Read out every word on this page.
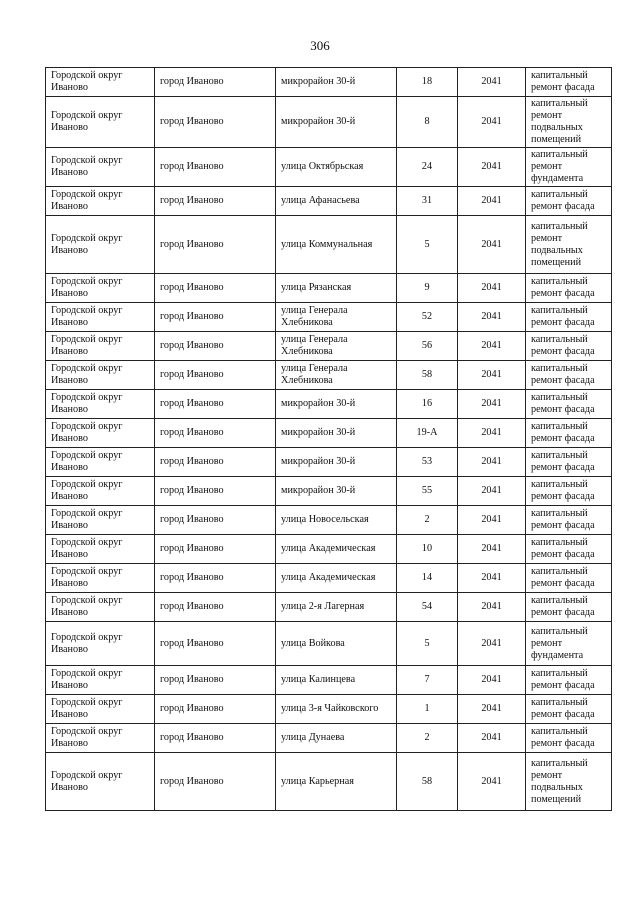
306
Городской округ Иваново	город Иваново	микрорайон 30-й	18	2041	капитальный ремонт фасада
Городской округ Иваново	город Иваново	микрорайон 30-й	8	2041	капитальный ремонт подвальных помещений
Городской округ Иваново	город Иваново	улица Октябрьская	24	2041	капитальный ремонт фундамента
Городской округ Иваново	город Иваново	улица Афанасьева	31	2041	капитальный ремонт фасада
Городской округ Иваново	город Иваново	улица Коммунальная	5	2041	капитальный ремонт подвальных помещений
Городской округ Иваново	город Иваново	улица Рязанская	9	2041	капитальный ремонт фасада
Городской округ Иваново	город Иваново	улица Генерала Хлебникова	52	2041	капитальный ремонт фасада
Городской округ Иваново	город Иваново	улица Генерала Хлебникова	56	2041	капитальный ремонт фасада
Городской округ Иваново	город Иваново	улица Генерала Хлебникова	58	2041	капитальный ремонт фасада
Городской округ Иваново	город Иваново	микрорайон 30-й	16	2041	капитальный ремонт фасада
Городской округ Иваново	город Иваново	микрорайон 30-й	19-А	2041	капитальный ремонт фасада
Городской округ Иваново	город Иваново	микрорайон 30-й	53	2041	капитальный ремонт фасада
Городской округ Иваново	город Иваново	микрорайон 30-й	55	2041	капитальный ремонт фасада
Городской округ Иваново	город Иваново	улица Новосельская	2	2041	капитальный ремонт фасада
Городской округ Иваново	город Иваново	улица Академическая	10	2041	капитальный ремонт фасада
Городской округ Иваново	город Иваново	улица Академическая	14	2041	капитальный ремонт фасада
Городской округ Иваново	город Иваново	улица 2-я Лагерная	54	2041	капитальный ремонт фасада
Городской округ Иваново	город Иваново	улица Войкова	5	2041	капитальный ремонт фундамента
Городской округ Иваново	город Иваново	улица Калинцева	7	2041	капитальный ремонт фасада
Городской округ Иваново	город Иваново	улица 3-я Чайковского	1	2041	капитальный ремонт фасада
Городской округ Иваново	город Иваново	улица Дунаева	2	2041	капитальный ремонт фасада
Городской округ Иваново	город Иваново	улица Карьерная	58	2041	капитальный ремонт подвальных помещений
